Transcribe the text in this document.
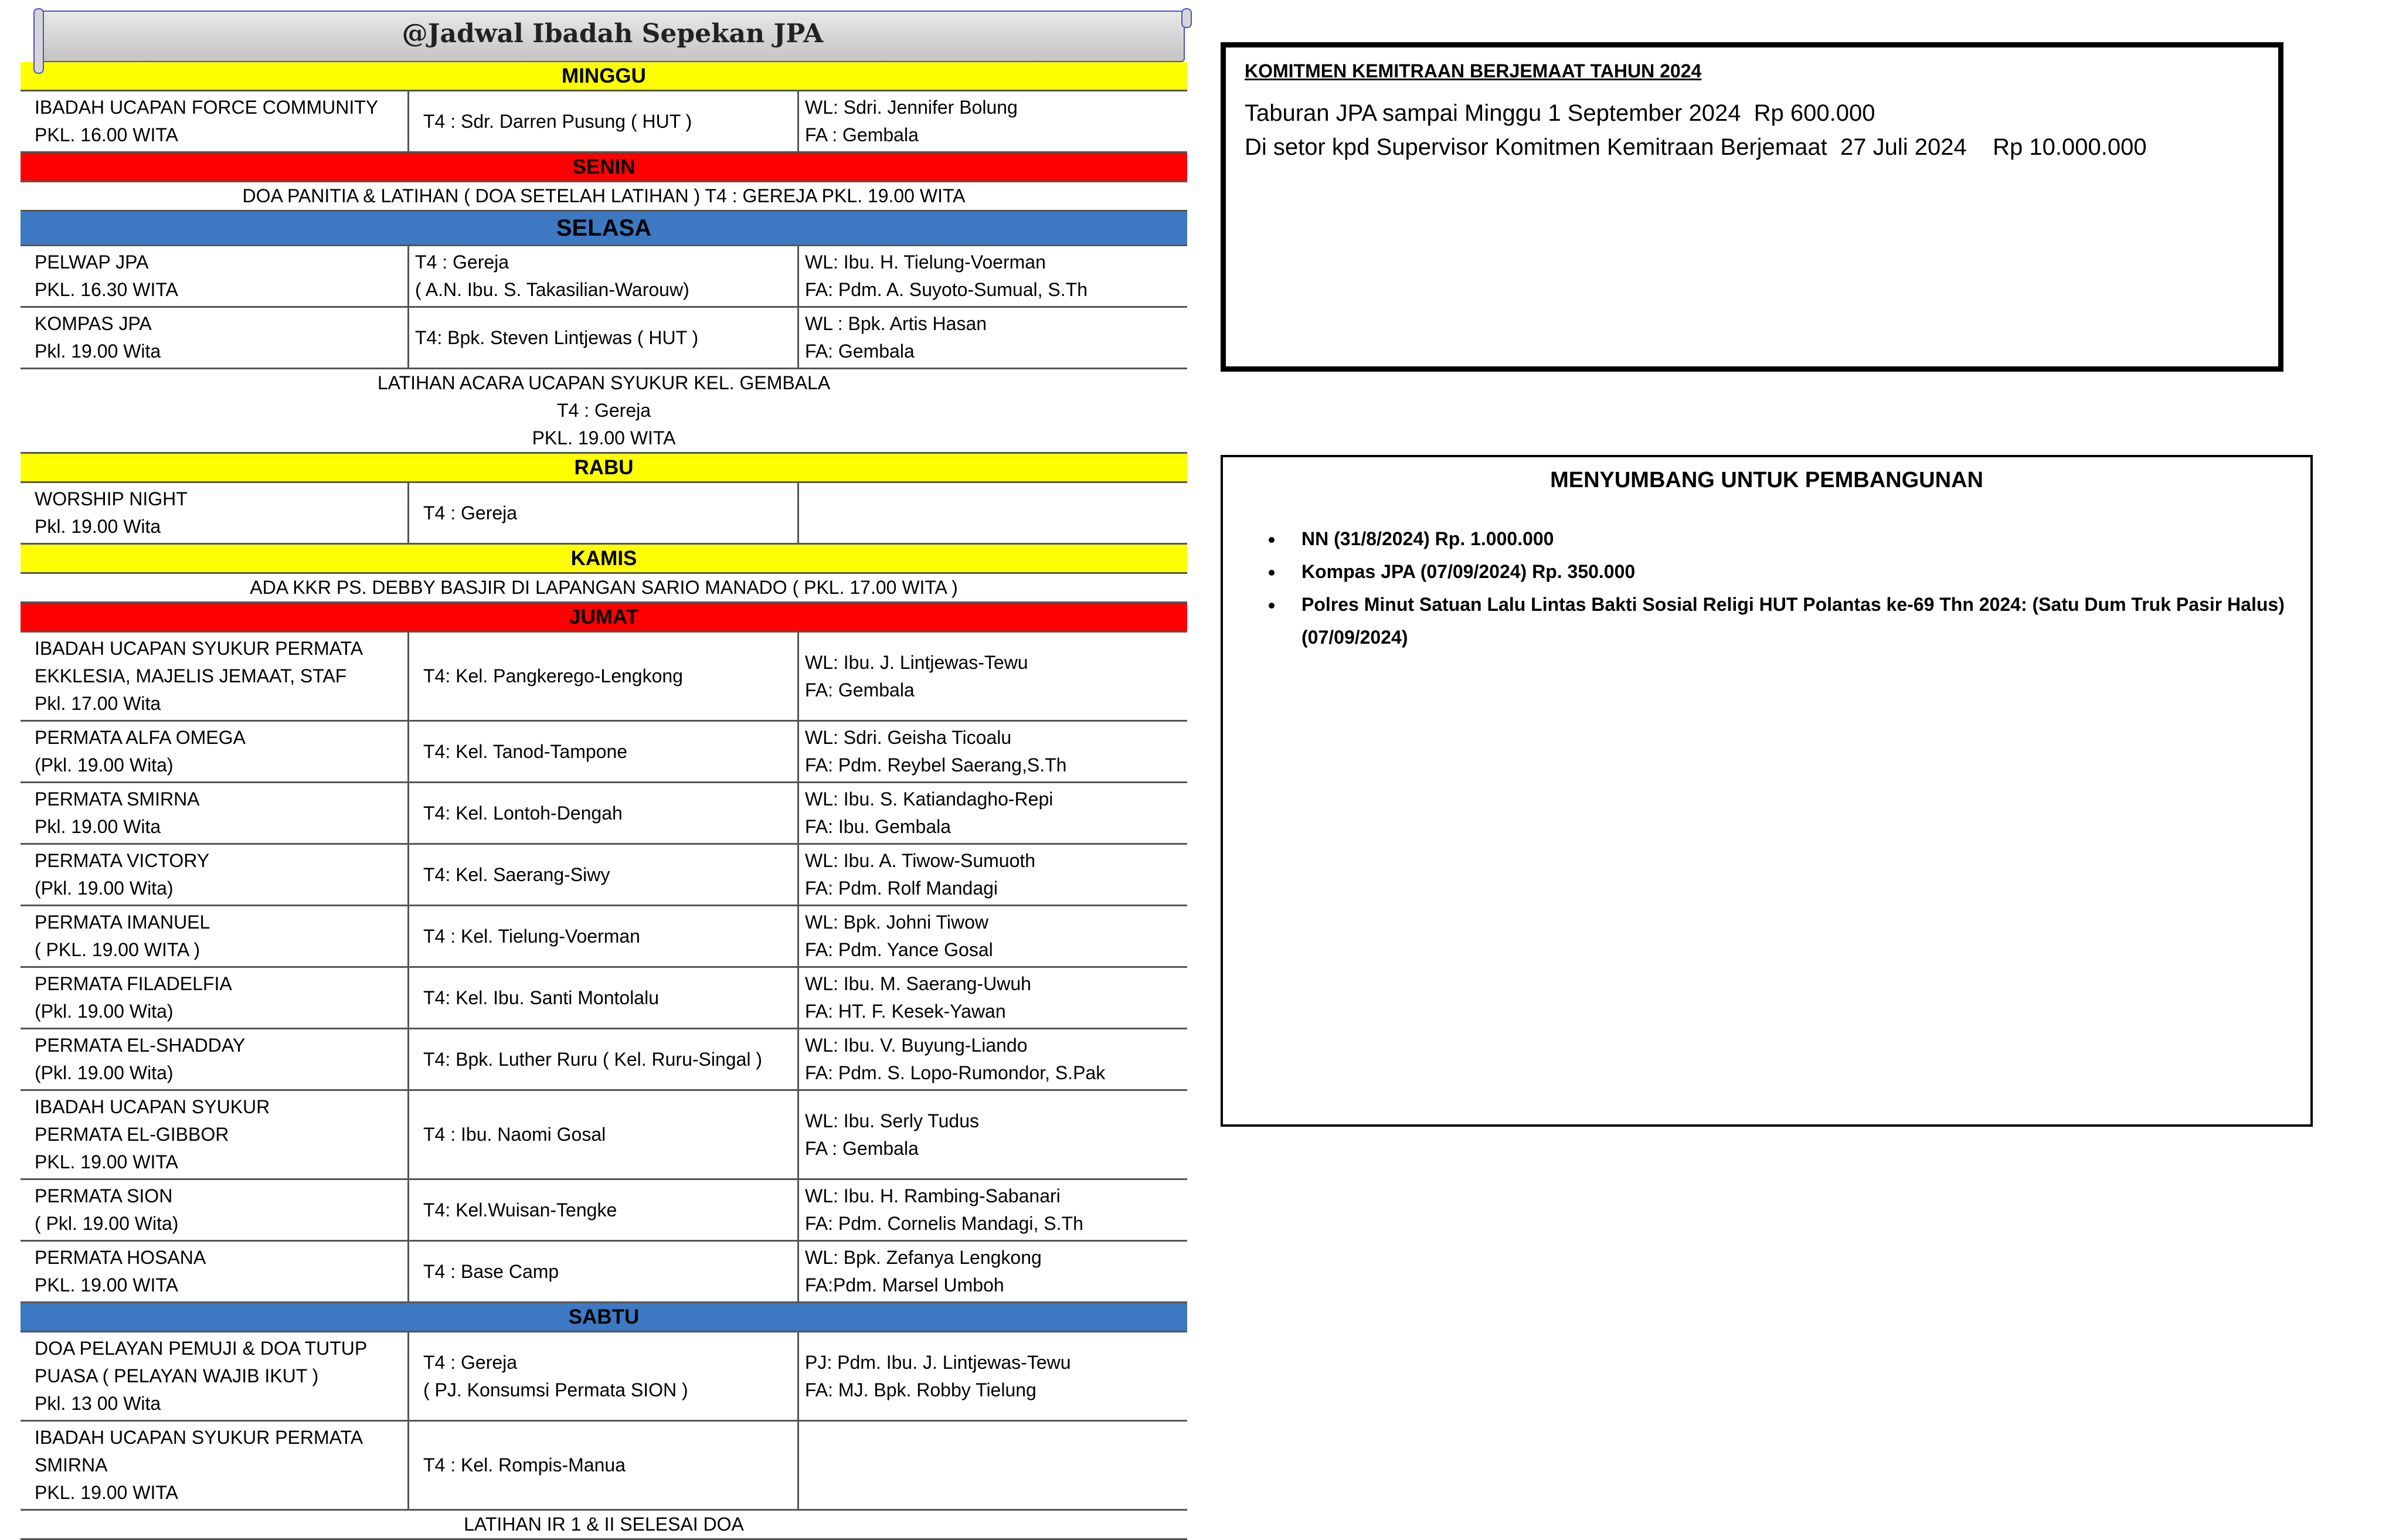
@Jadwal Ibadah Sepekan JPA
MINGGU
IBADAH UCAPAN FORCE COMMUNITY
PKL. 16.00 WITA
T4 : Sdr. Darren Pusung ( HUT )
WL: Sdri. Jennifer Bolung
FA : Gembala
SENIN
DOA PANITIA & LATIHAN ( DOA SETELAH LATIHAN ) T4 : GEREJA PKL. 19.00 WITA
SELASA
PELWAP JPA
PKL. 16.30 WITA
T4 : Gereja
( A.N. Ibu. S. Takasilian-Warouw)
WL: Ibu. H. Tielung-Voerman
FA: Pdm. A. Suyoto-Sumual, S.Th
KOMPAS JPA
Pkl. 19.00 Wita
T4: Bpk. Steven Lintjewas ( HUT )
WL : Bpk. Artis Hasan
FA: Gembala
LATIHAN ACARA UCAPAN SYUKUR KEL. GEMBALA
T4 : Gereja
PKL. 19.00 WITA
RABU
WORSHIP NIGHT
Pkl. 19.00 Wita
T4 : Gereja
KAMIS
ADA KKR PS. DEBBY BASJIR DI LAPANGAN SARIO MANADO ( PKL. 17.00 WITA )
JUMAT
IBADAH UCAPAN SYUKUR PERMATA
EKKLESIA, MAJELIS JEMAAT, STAF
Pkl. 17.00 Wita
T4: Kel. Pangkerego-Lengkong
WL: Ibu. J. Lintjewas-Tewu
FA: Gembala
PERMATA ALFA OMEGA
(Pkl. 19.00 Wita)
T4: Kel. Tanod-Tampone
WL: Sdri. Geisha Ticoalu
FA: Pdm. Reybel Saerang,S.Th
PERMATA SMIRNA
Pkl. 19.00 Wita
T4: Kel. Lontoh-Dengah
WL: Ibu. S. Katiandagho-Repi
FA: Ibu. Gembala
PERMATA VICTORY
(Pkl. 19.00 Wita)
T4: Kel. Saerang-Siwy
WL: Ibu. A. Tiwow-Sumuoth
FA: Pdm. Rolf Mandagi
PERMATA IMANUEL
( PKL. 19.00 WITA )
T4 : Kel. Tielung-Voerman
WL: Bpk. Johni Tiwow
FA: Pdm. Yance Gosal
PERMATA FILADELFIA
(Pkl. 19.00 Wita)
T4: Kel. Ibu. Santi Montolalu
WL: Ibu. M. Saerang-Uwuh
FA: HT. F. Kesek-Yawan
PERMATA EL-SHADDAY
(Pkl. 19.00 Wita)
T4: Bpk. Luther Ruru ( Kel. Ruru-Singal )
WL: Ibu. V. Buyung-Liando
FA: Pdm. S. Lopo-Rumondor, S.Pak
IBADAH UCAPAN SYUKUR
PERMATA EL-GIBBOR
PKL. 19.00 WITA
T4 : Ibu. Naomi Gosal
WL: Ibu. Serly Tudus
FA : Gembala
PERMATA SION
( Pkl. 19.00 Wita)
T4: Kel.Wuisan-Tengke
WL: Ibu. H. Rambing-Sabanari
FA: Pdm. Cornelis Mandagi, S.Th
PERMATA HOSANA
PKL. 19.00 WITA
T4 : Base Camp
WL: Bpk. Zefanya Lengkong
FA:Pdm. Marsel Umboh
SABTU
DOA PELAYAN PEMUJI & DOA TUTUP
PUASA ( PELAYAN WAJIB IKUT )
Pkl. 13 00 Wita
T4 : Gereja
( PJ. Konsumsi Permata SION )
PJ: Pdm. Ibu. J. Lintjewas-Tewu
FA: MJ. Bpk. Robby Tielung
IBADAH UCAPAN SYUKUR PERMATA
SMIRNA
PKL. 19.00 WITA
T4 : Kel. Rompis-Manua
LATIHAN IR 1 & II SELESAI DOA
KOMITMEN KEMITRAAN BERJEMAAT TAHUN 2024
Taburan JPA sampai Minggu 1 September 2024  Rp 600.000
Di setor kpd Supervisor Komitmen Kemitraan Berjemaat  27 Juli 2024    Rp 10.000.000
MENYUMBANG UNTUK PEMBANGUNAN
• NN (31/8/2024) Rp. 1.000.000
• Kompas JPA (07/09/2024) Rp. 350.000
• Polres Minut Satuan Lalu Lintas Bakti Sosial Religi HUT Polantas ke-69 Thn 2024: (Satu Dum Truk Pasir Halus) (07/09/2024)
